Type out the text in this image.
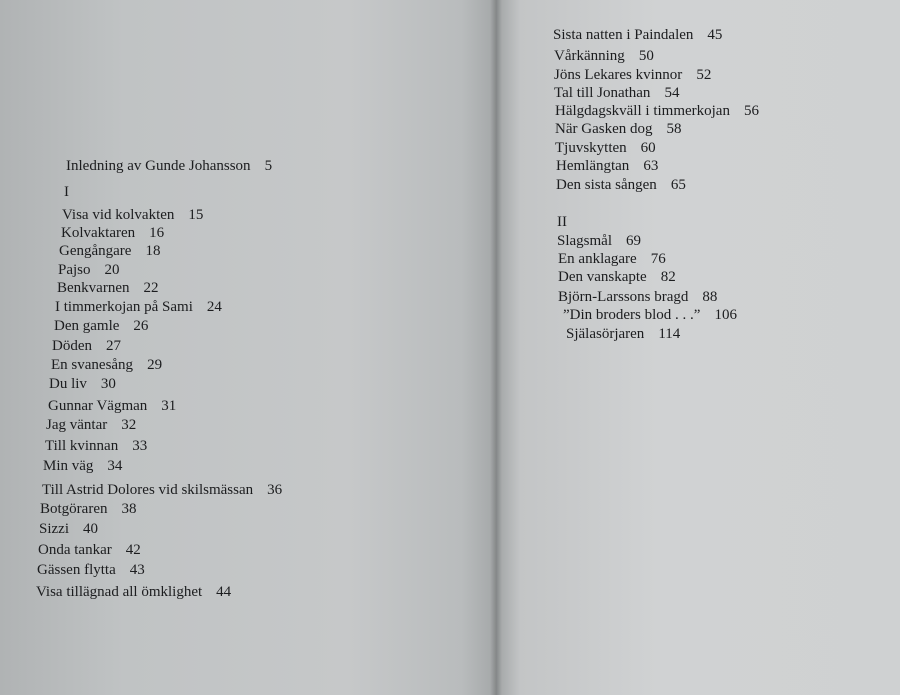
Inledning av Gunde Johansson 5
I
Visa vid kolvakten 15
Kolvaktaren 16
Gengångare 18
Pajso 20
Benkvarnen 22
I timmerkojan på Sami 24
Den gamle 26
Döden 27
En svanesång 29
Du liv 30
Gunnar Vägman 31
Jag väntar 32
Till kvinnan 33
Min väg 34
Till Astrid Dolores vid skilsmässan 36
Botgöraren 38
Sizzi 40
Onda tankar 42
Gässen flytta 43
Visa tillägnad all ömklighet 44
Sista natten i Paindalen 45
Vårkänning 50
Jöns Lekares kvinnor 52
Tal till Jonathan 54
Hälgdagskväll i timmerkojan 56
När Gasken dog 58
Tjuvskytten 60
Hemlängtan 63
Den sista sången 65
II
Slagsmål 69
En anklagare 76
Den vanskapte 82
Björn-Larssons bragd 88
”Din broders blod . . .” 106
Själasörjaren 114
